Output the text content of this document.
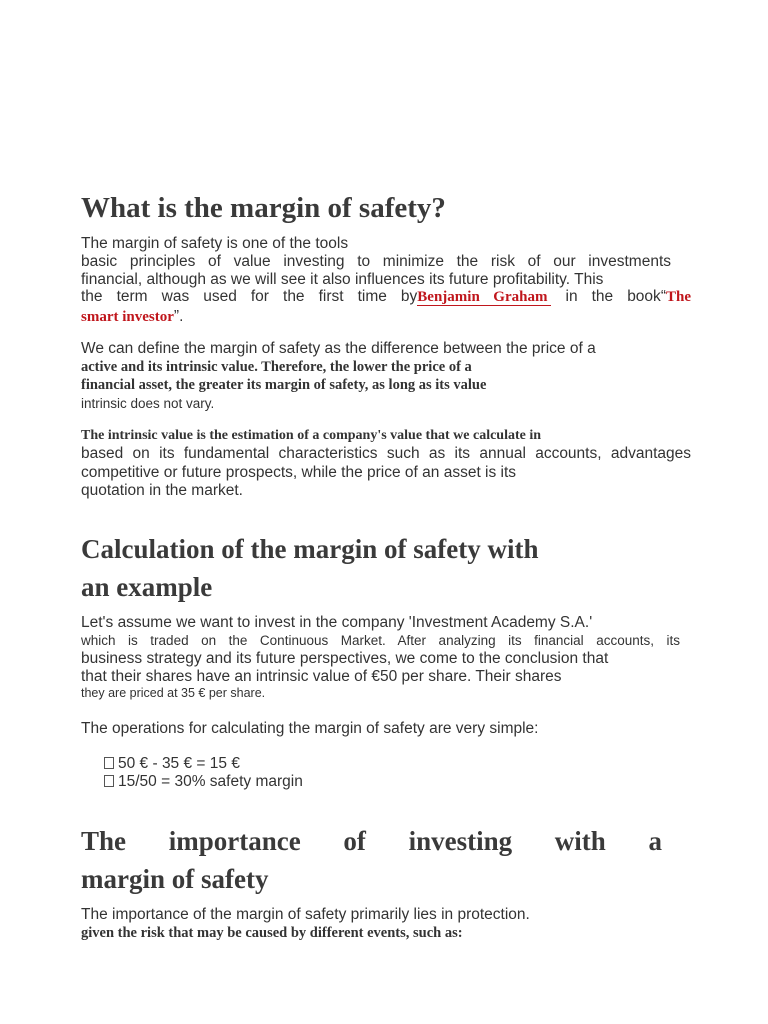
What is the margin of safety?
The margin of safety is one of the tools
basic principles of value investing to minimize the risk of our investments
financial, although as we will see it also influences its future profitability. This
the term was used for the first time byBenjamin Graham in the book“The
smart investor”.
We can define the margin of safety as the difference between the price of a
active and its intrinsic value. Therefore, the lower the price of a
financial asset, the greater its margin of safety, as long as its value
intrinsic does not vary.
The intrinsic value is the estimation of a company's value that we calculate in
based on its fundamental characteristics such as its annual accounts, advantages
competitive or future prospects, while the price of an asset is its
quotation in the market.
Calculation of the margin of safety with
an example
Let's assume we want to invest in the company 'Investment Academy S.A.'
which is traded on the Continuous Market. After analyzing its financial accounts, its
business strategy and its future perspectives, we come to the conclusion that
that their shares have an intrinsic value of €50 per share. Their shares
they are priced at 35 € per share.
The operations for calculating the margin of safety are very simple:
50 € - 35 € = 15 €
15/50 = 30% safety margin
The importance of investing with a
margin of safety
The importance of the margin of safety primarily lies in protection.
given the risk that may be caused by different events, such as:
